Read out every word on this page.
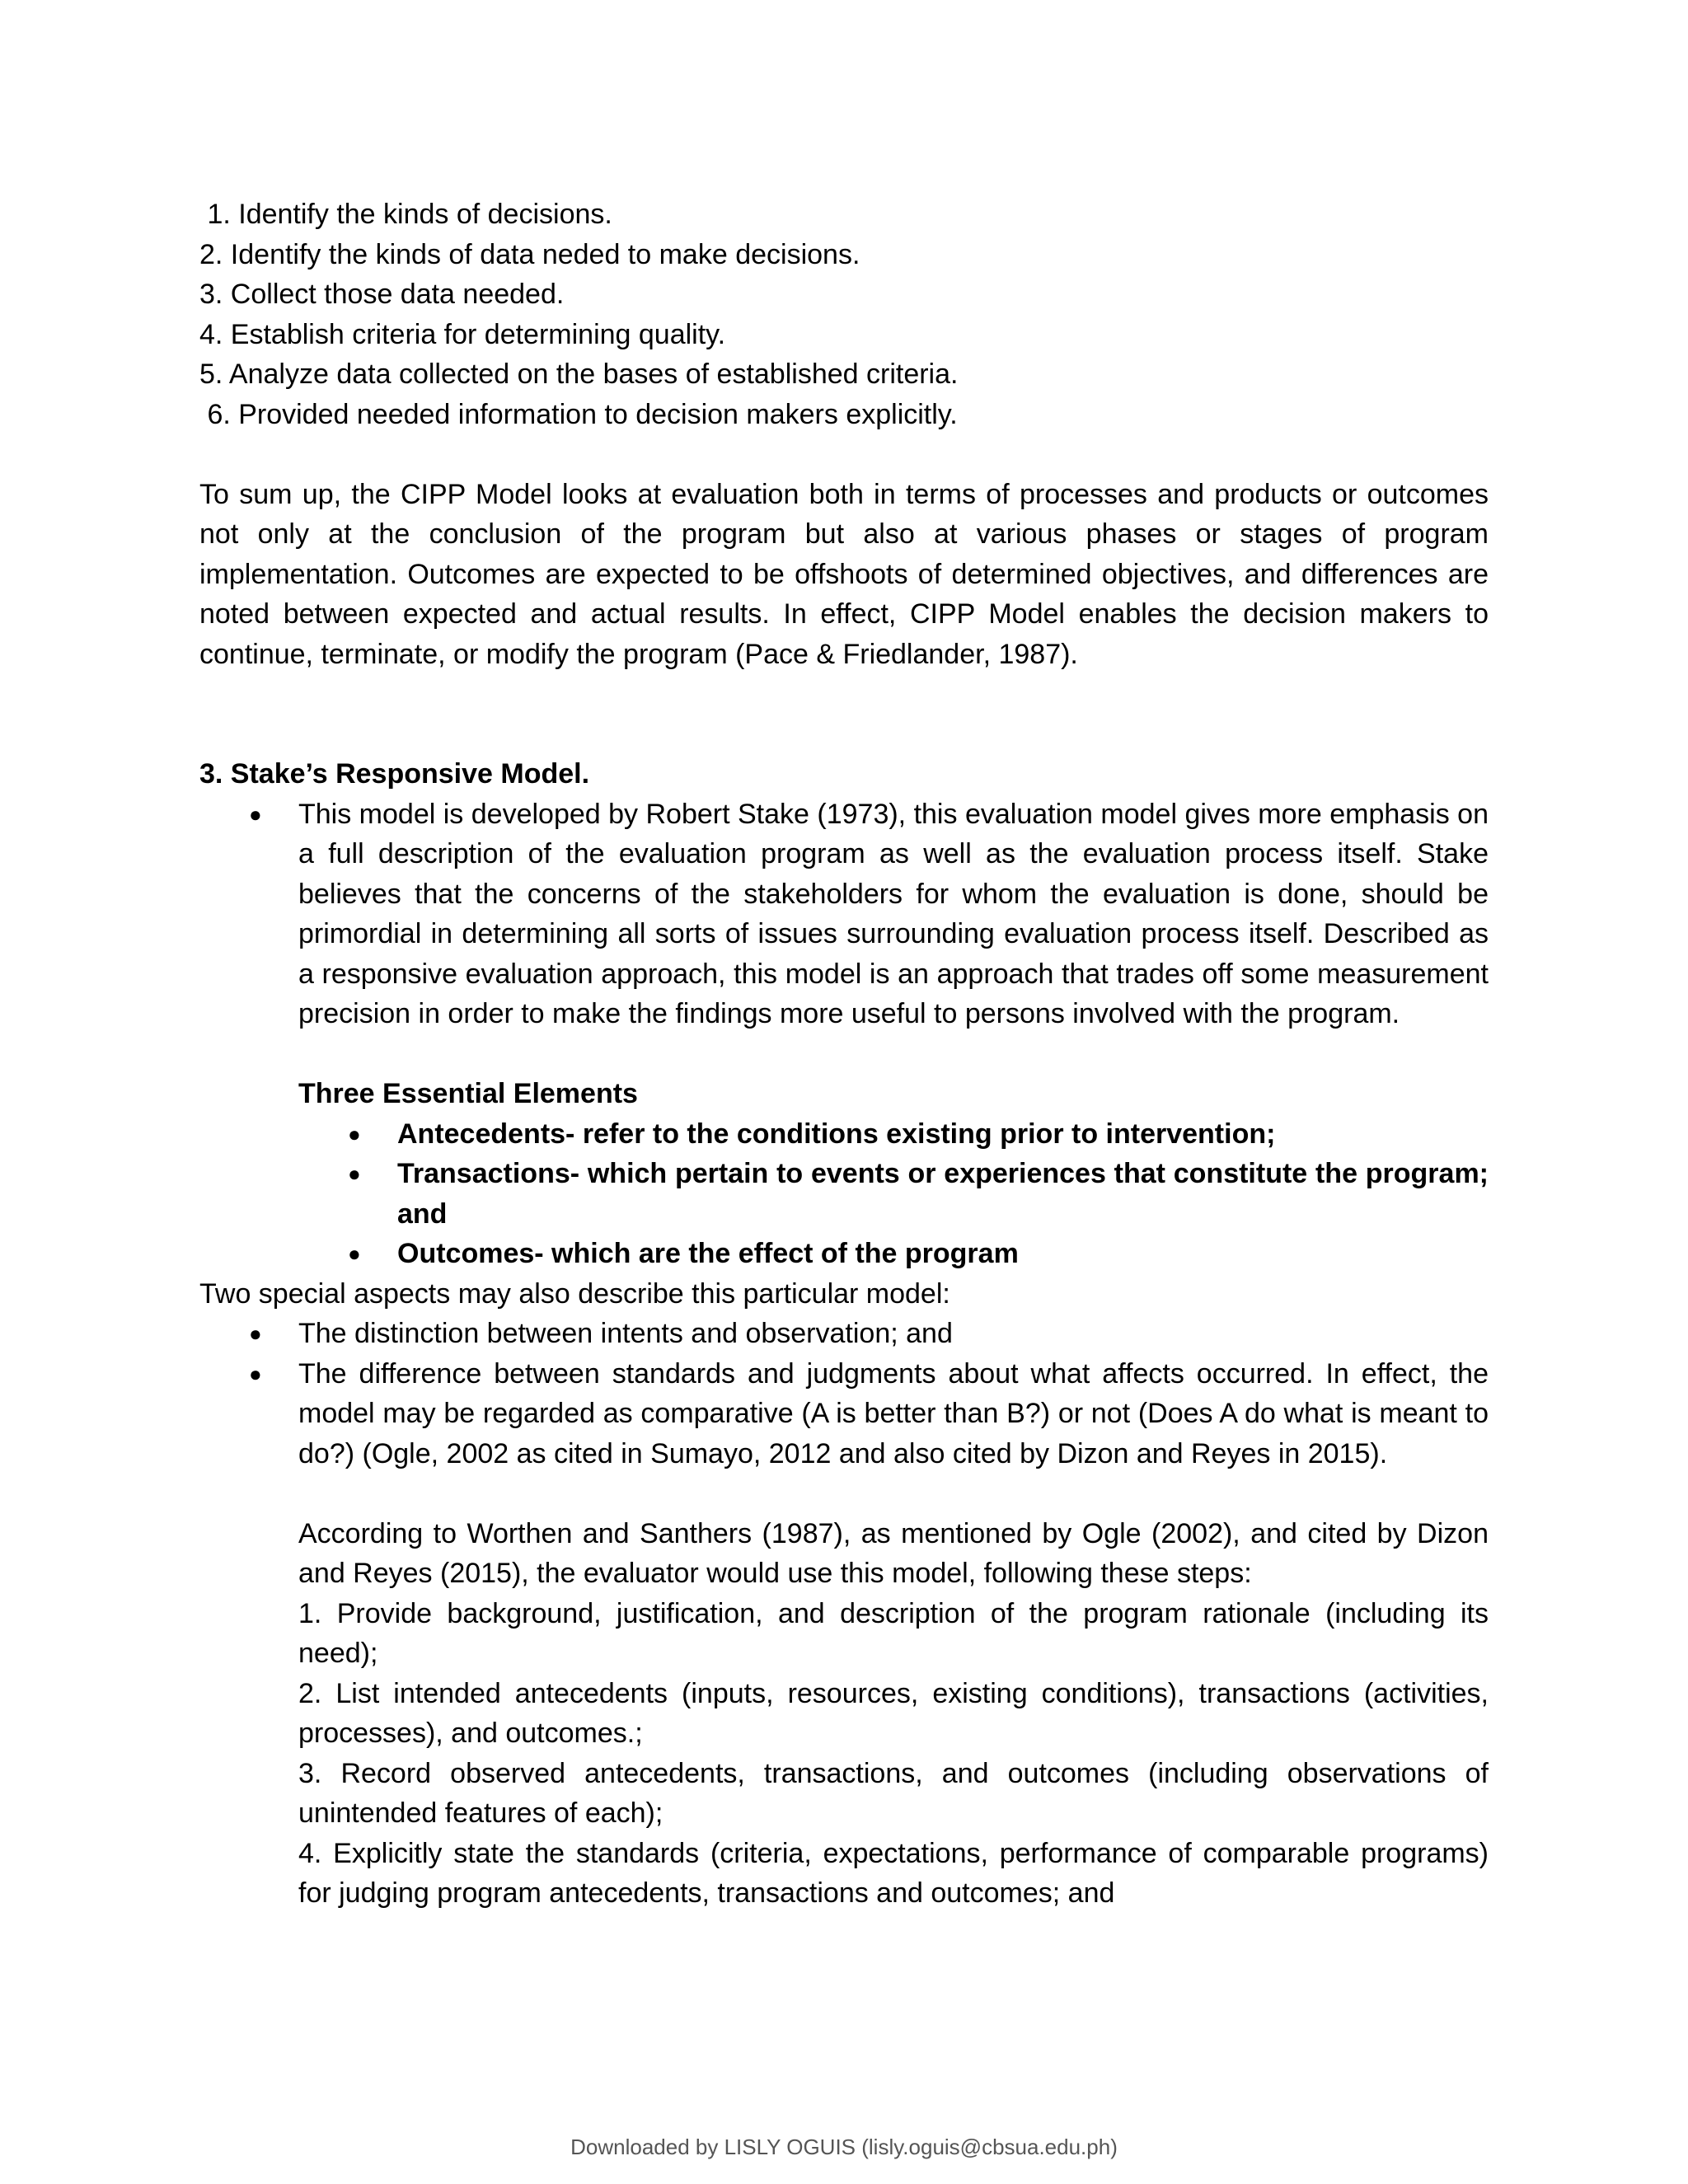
1. Identify the kinds of decisions.

2. Identify the kinds of data neded to make decisions.

3. Collect those data needed.

4. Establish criteria for determining quality.

5. Analyze data collected on the bases of established criteria.

6. Provided needed information to decision makers explicitly.

To sum up, the CIPP Model looks at evaluation both in terms of processes and products or outcomes not only at the conclusion of the program but also at various phases or stages of program implementation. Outcomes are expected to be offshoots of determined objectives, and differences are noted between expected and actual results. In effect, CIPP Model enables the decision makers to continue, terminate, or modify the program (Pace & Friedlander, 1987).

3. Stake’s Responsive Model.

● This model is developed by Robert Stake (1973), this evaluation model gives more emphasis on a full description of the evaluation program as well as the evaluation process itself. Stake believes that the concerns of the stakeholders for whom the evaluation is done, should be primordial in determining all sorts of issues surrounding evaluation process itself. Described as a responsive evaluation approach, this model is an approach that trades off some measurement precision in order to make the findings more useful to persons involved with the program.

Three Essential Elements

● Antecedents- refer to the conditions existing prior to intervention;
● Transactions- which pertain to events or experiences that constitute the program; and
● Outcomes- which are the effect of the program

Two special aspects may also describe this particular model:

● The distinction between intents and observation; and
● The difference between standards and judgments about what affects occurred. In effect, the model may be regarded as comparative (A is better than B?) or not (Does A do what is meant to do?) (Ogle, 2002 as cited in Sumayo, 2012 and also cited by Dizon and Reyes in 2015).

According to Worthen and Santhers (1987), as mentioned by Ogle (2002), and cited by Dizon and Reyes (2015), the evaluator would use this model, following these steps:

1. Provide background, justification, and description of the program rationale (including its need);

2. List intended antecedents (inputs, resources, existing conditions), transactions (activities, processes), and outcomes.;

3. Record observed antecedents, transactions, and outcomes (including observations of unintended features of each);

4. Explicitly state the standards (criteria, expectations, performance of comparable programs) for judging program antecedents, transactions and outcomes; and

Downloaded by LISLY OGUIS (lisly.oguis@cbsua.edu.ph)
